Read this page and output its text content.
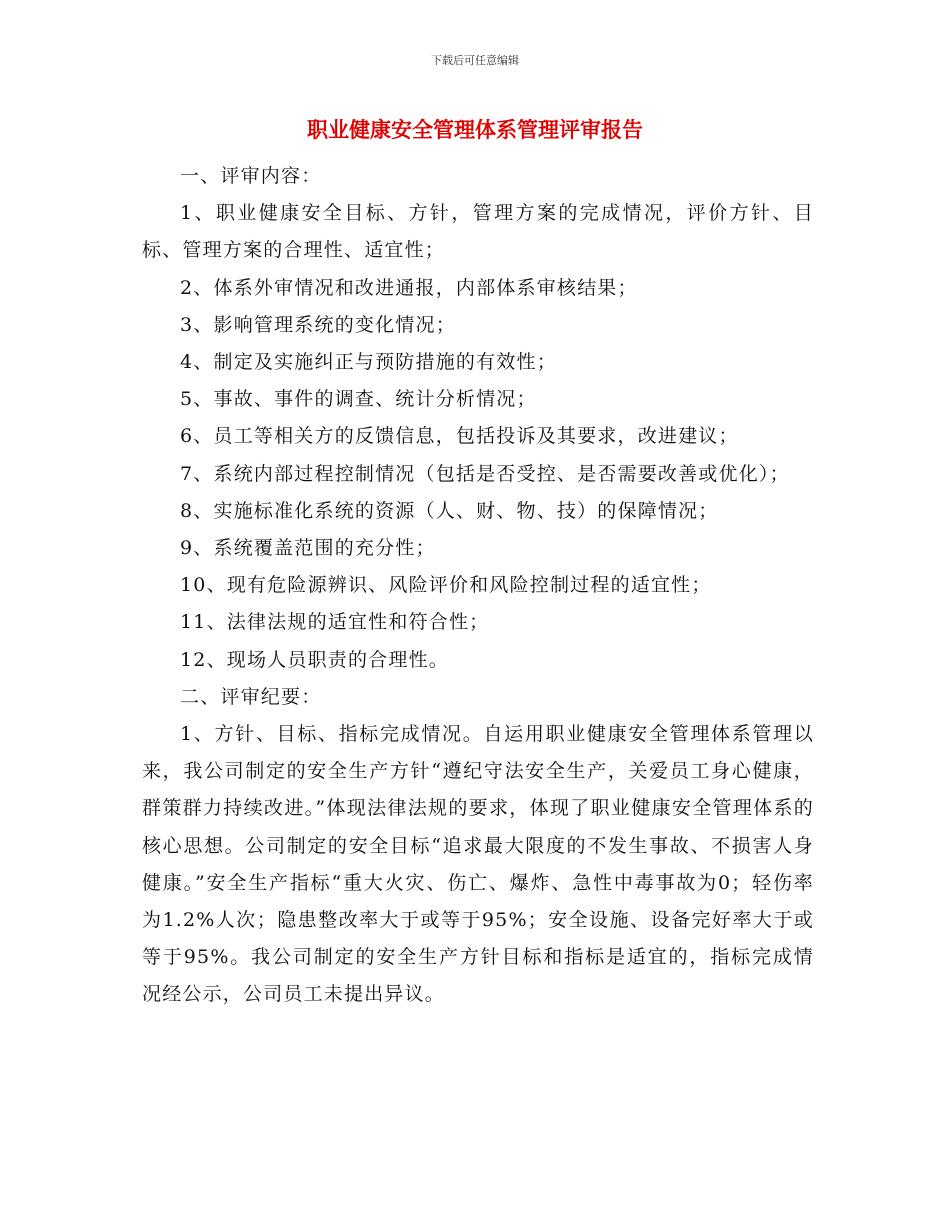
下载后可任意编辑
职业健康安全管理体系管理评审报告

一、评审内容：

1、职业健康安全目标、方针，管理方案的完成情况，评价方针、目标、管理方案的合理性、适宜性；

2、体系外审情况和改进通报，内部体系审核结果；

3、影响管理系统的变化情况；

4、制定及实施纠正与预防措施的有效性；

5、事故、事件的调查、统计分析情况；

6、员工等相关方的反馈信息，包括投诉及其要求，改进建议；

7、系统内部过程控制情况（包括是否受控、是否需要改善或优化）；

8、实施标准化系统的资源（人、财、物、技）的保障情况；

9、系统覆盖范围的充分性；

10、现有危险源辨识、风险评价和风险控制过程的适宜性；

11、法律法规的适宜性和符合性；

12、现场人员职责的合理性。

二、评审纪要：

1、方针、目标、指标完成情况。自运用职业健康安全管理体系管理以来，我公司制定的安全生产方针“遵纪守法安全生产，关爱员工身心健康，群策群力持续改进。”体现法律法规的要求，体现了职业健康安全管理体系的核心思想。公司制定的安全目标“追求最大限度的不发生事故、不损害人身健康。”安全生产指标“重大火灾、伤亡、爆炸、急性中毒事故为0；轻伤率为1.2%人次；隐患整改率大于或等于95%；安全设施、设备完好率大于或等于95%。我公司制定的安全生产方针目标和指标是适宜的，指标完成情况经公示，公司员工未提出异议。
